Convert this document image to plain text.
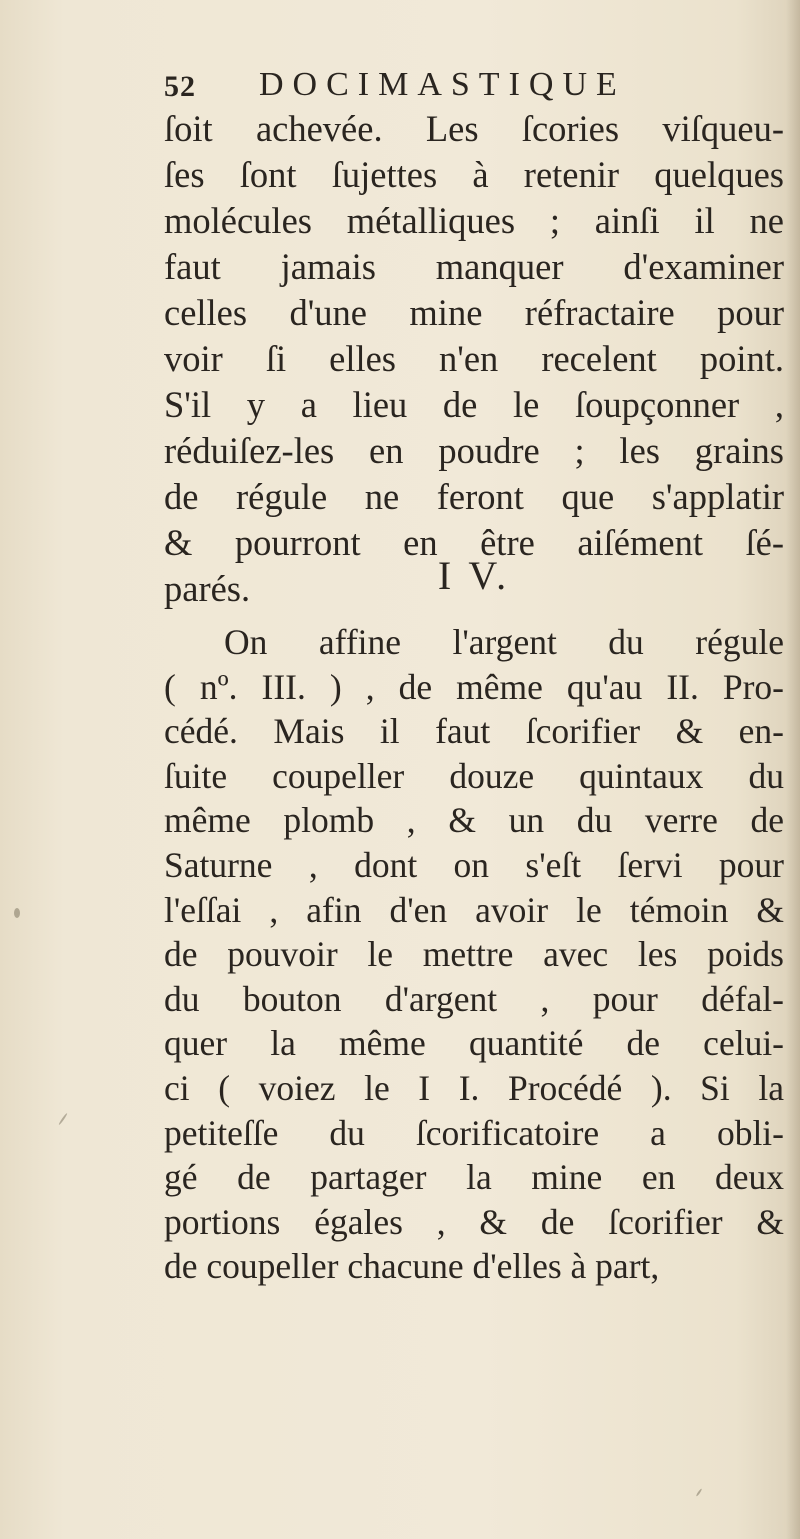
52 DOCIMASTIQUE
ſoit achevée. Les ſcories viſqueu-
ſes ſont ſujettes à retenir quelques
molécules métalliques ; ainſi il ne
faut jamais manquer d'examiner
celles d'une mine réfractaire pour
voir ſi elles n'en recelent point.
S'il y a lieu de le ſoupçonner ,
réduiſez-les en poudre ; les grains
de régule ne feront que s'applatir
& pourront en être aiſément ſé-
parés.	I V.
On affine l'argent du régule
( nº. III. ) , de même qu'au II. Pro-
cédé. Mais il faut ſcorifier & en-
ſuite coupeller douze quintaux du
même plomb , & un du verre de
Saturne , dont on s'eſt ſervi pour
l'eſſai , afin d'en avoir le témoin &
de pouvoir le mettre avec les poids
du bouton d'argent , pour défal-
quer la même quantité de celui-
ci ( voiez le I I. Procédé ). Si la
petiteſſe du ſcorificatoire a obli-
gé de partager la mine en deux
portions égales , & de ſcorifier &
de coupeller chacune d'elles à part,
